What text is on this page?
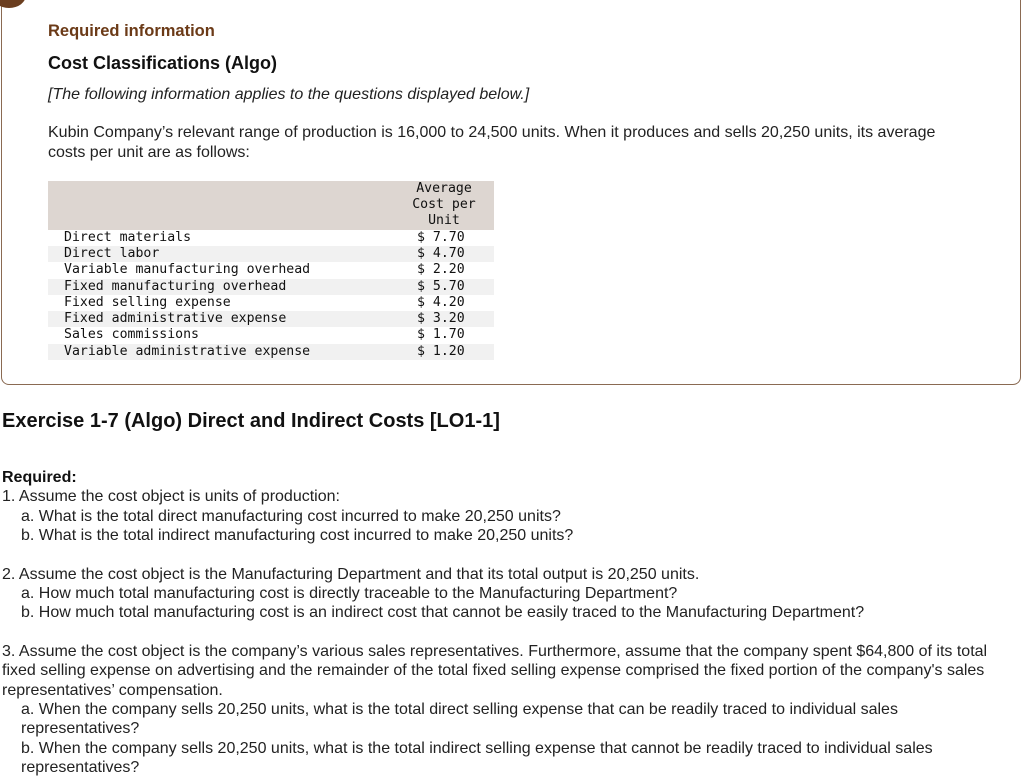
Required information
Cost Classifications (Algo)
[The following information applies to the questions displayed below.]
Kubin Company’s relevant range of production is 16,000 to 24,500 units. When it produces and sells 20,250 units, its average costs per unit are as follows:

	Average
Cost per
Unit

Direct materials	$ 7.70
Direct labor	$ 4.70
Variable manufacturing overhead	$ 2.20
Fixed manufacturing overhead	$ 5.70
Fixed selling expense	$ 4.20
Fixed administrative expense	$ 3.20
Sales commissions	$ 1.70
Variable administrative expense	$ 1.20
Exercise 1-7 (Algo) Direct and Indirect Costs [LO1-1]
Required:

1. Assume the cost object is units of production:

a. What is the total direct manufacturing cost incurred to make 20,250 units?

b. What is the total indirect manufacturing cost incurred to make 20,250 units?

2. Assume the cost object is the Manufacturing Department and that its total output is 20,250 units.

a. How much total manufacturing cost is directly traceable to the Manufacturing Department?

b. How much total manufacturing cost is an indirect cost that cannot be easily traced to the Manufacturing Department?

3. Assume the cost object is the company’s various sales representatives. Furthermore, assume that the company spent $64,800 of its total fixed selling expense on advertising and the remainder of the total fixed selling expense comprised the fixed portion of the company's sales representatives’ compensation.

a. When the company sells 20,250 units, what is the total direct selling expense that can be readily traced to individual sales representatives?

b. When the company sells 20,250 units, what is the total indirect selling expense that cannot be readily traced to individual sales representatives?
